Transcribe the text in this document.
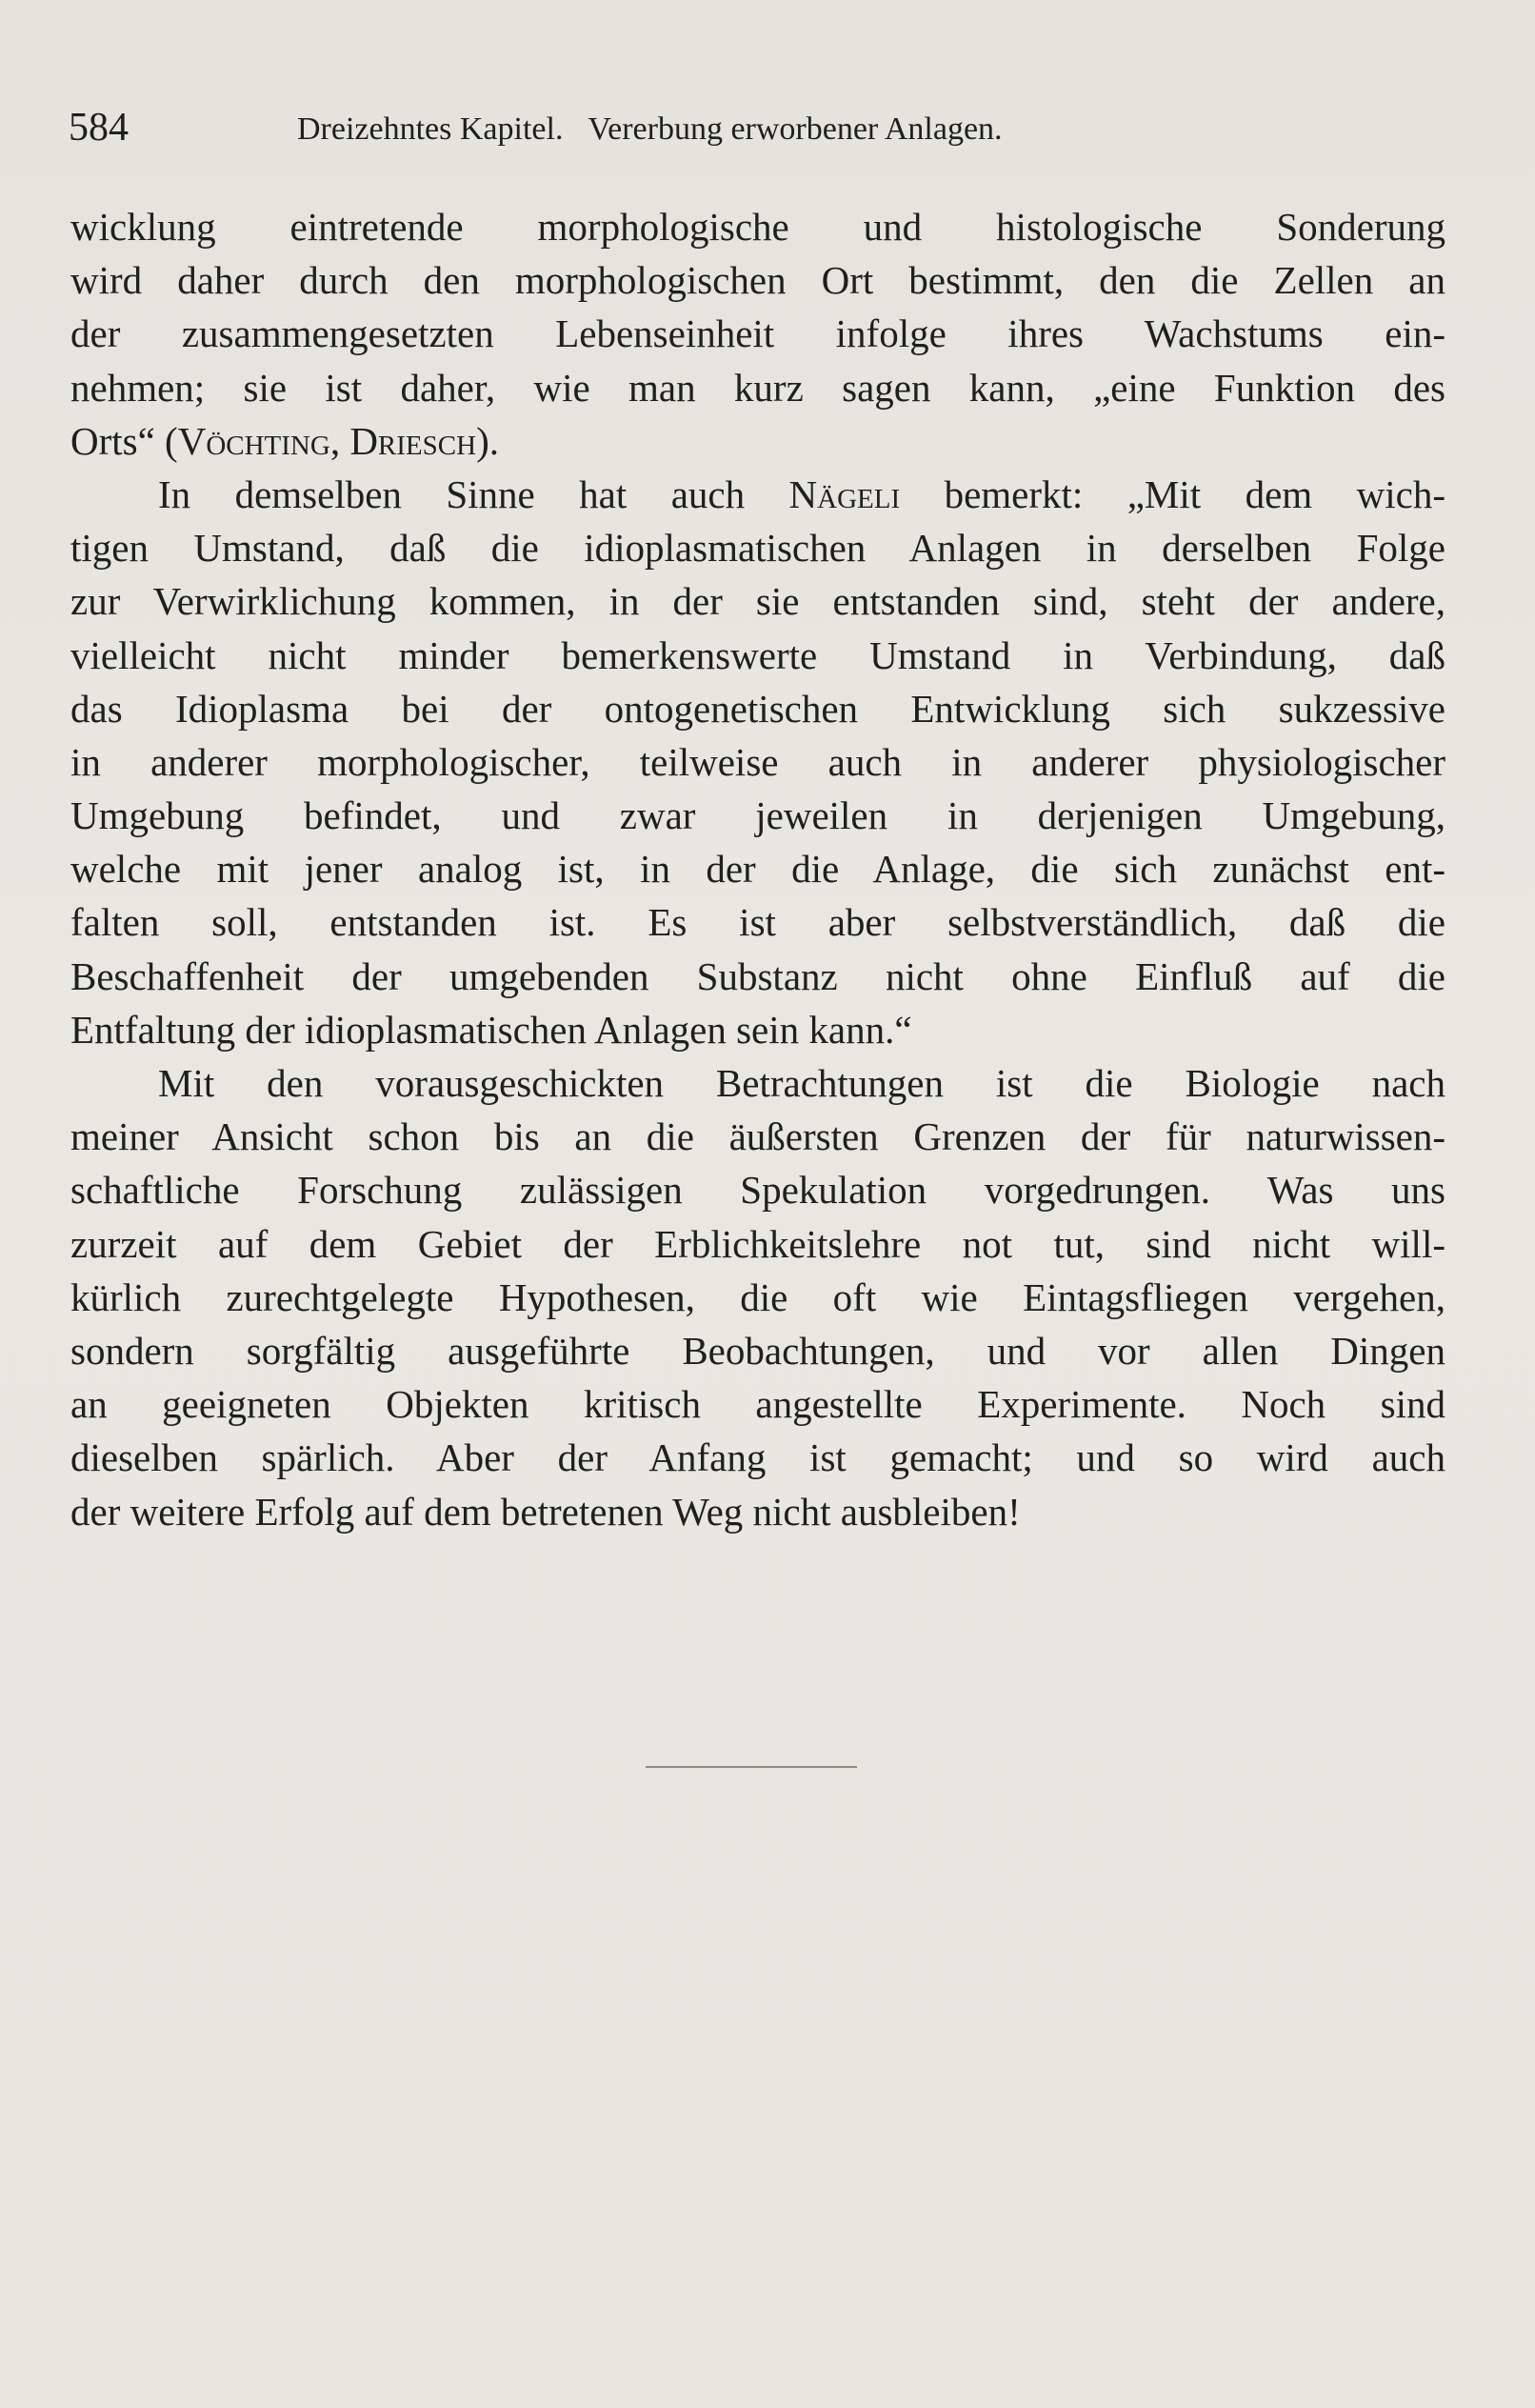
584	Dreizehntes Kapitel. Vererbung erworbener Anlagen.

wicklung eintretende morphologische und histologische Sonderung
wird daher durch den morphologischen Ort bestimmt, den die Zellen an
der zusammengesetzten Lebenseinheit infolge ihres Wachstums ein-
nehmen; sie ist daher, wie man kurz sagen kann, „eine Funktion des
Orts“ (Vöchting, Driesch).

In demselben Sinne hat auch Nägeli bemerkt: „Mit dem wich-
tigen Umstand, daß die idioplasmatischen Anlagen in derselben Folge
zur Verwirklichung kommen, in der sie entstanden sind, steht der andere,
vielleicht nicht minder bemerkenswerte Umstand in Verbindung, daß
das Idioplasma bei der ontogenetischen Entwicklung sich sukzessive
in anderer morphologischer, teilweise auch in anderer physiologischer
Umgebung befindet, und zwar jeweilen in derjenigen Umgebung,
welche mit jener analog ist, in der die Anlage, die sich zunächst ent-
falten soll, entstanden ist. Es ist aber selbstverständlich, daß die
Beschaffenheit der umgebenden Substanz nicht ohne Einfluß auf die
Entfaltung der idioplasmatischen Anlagen sein kann.“

Mit den vorausgeschickten Betrachtungen ist die Biologie nach
meiner Ansicht schon bis an die äußersten Grenzen der für naturwissen-
schaftliche Forschung zulässigen Spekulation vorgedrungen. Was uns
zurzeit auf dem Gebiet der Erblichkeitslehre not tut, sind nicht will-
kürlich zurechtgelegte Hypothesen, die oft wie Eintagsfliegen vergehen,
sondern sorgfältig ausgeführte Beobachtungen, und vor allen Dingen
an geeigneten Objekten kritisch angestellte Experimente. Noch sind
dieselben spärlich. Aber der Anfang ist gemacht; und so wird auch
der weitere Erfolg auf dem betretenen Weg nicht ausbleiben!
